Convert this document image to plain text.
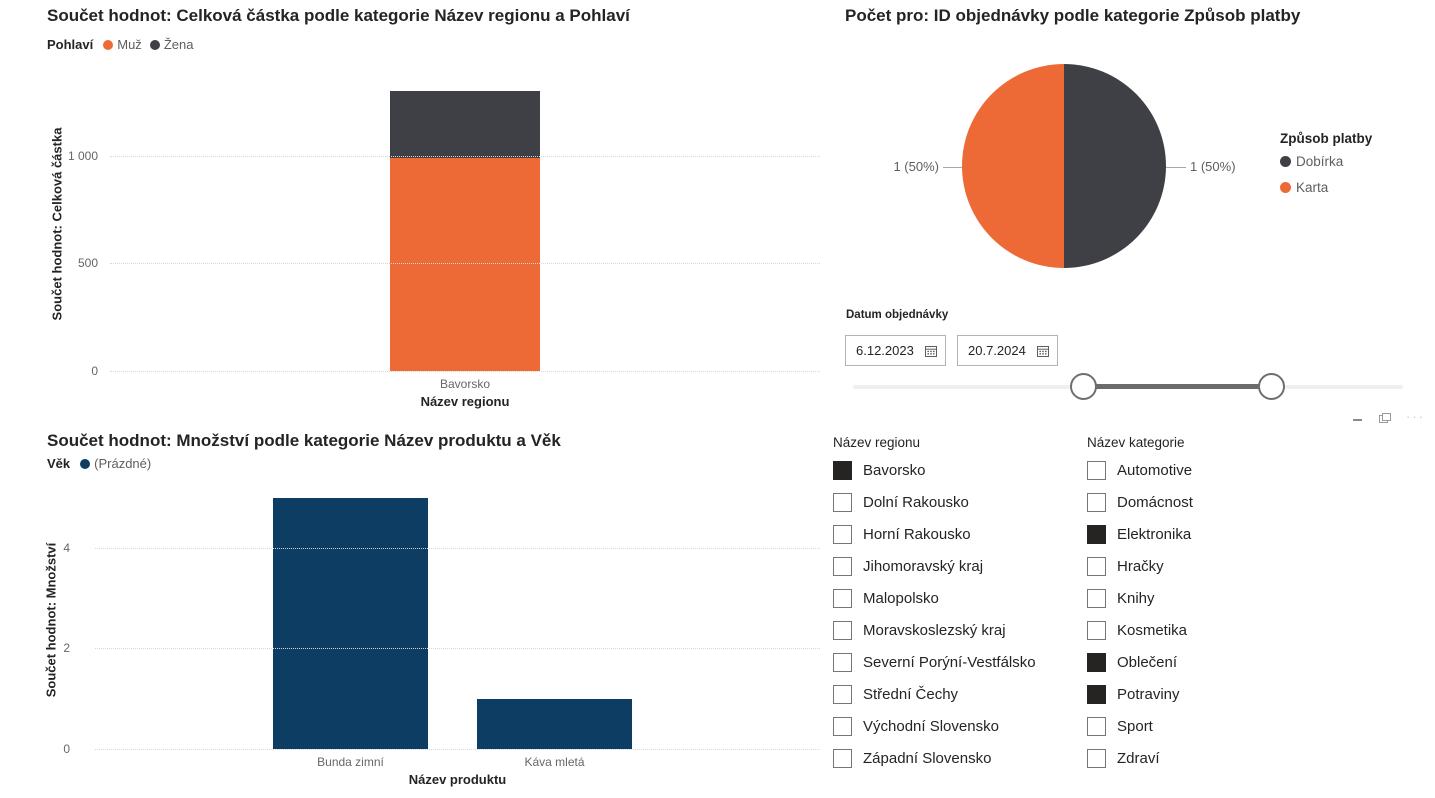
Součet hodnot: Celková částka podle kategorie Název regionu a Pohlaví
Pohlaví Muž Žena
Součet hodnot: Celková částka
0
500
1 000
Bavorsko
Název regionu
Počet pro: ID objednávky podle kategorie Způsob platby
1 (50%)	1 (50%)
Způsob platby
Dobírka
Karta
Datum objednávky
6.12.2023
20.7.2024
···
Součet hodnot: Množství podle kategorie Název produktu a Věk
Věk (Prázdné)
Součet hodnot: Množství
0
2
4
Bunda zimní	Káva mletá
Název produktu
Název regionu
Bavorsko
Dolní Rakousko
Horní Rakousko
Jihomoravský kraj
Malopolsko
Moravskoslezský kraj
Severní Porýní-Vestfálsko
Střední Čechy
Východní Slovensko
Západní Slovensko
Název kategorie
Automotive
Domácnost
Elektronika
Hračky
Knihy
Kosmetika
Oblečení
Potraviny
Sport
Zdraví
